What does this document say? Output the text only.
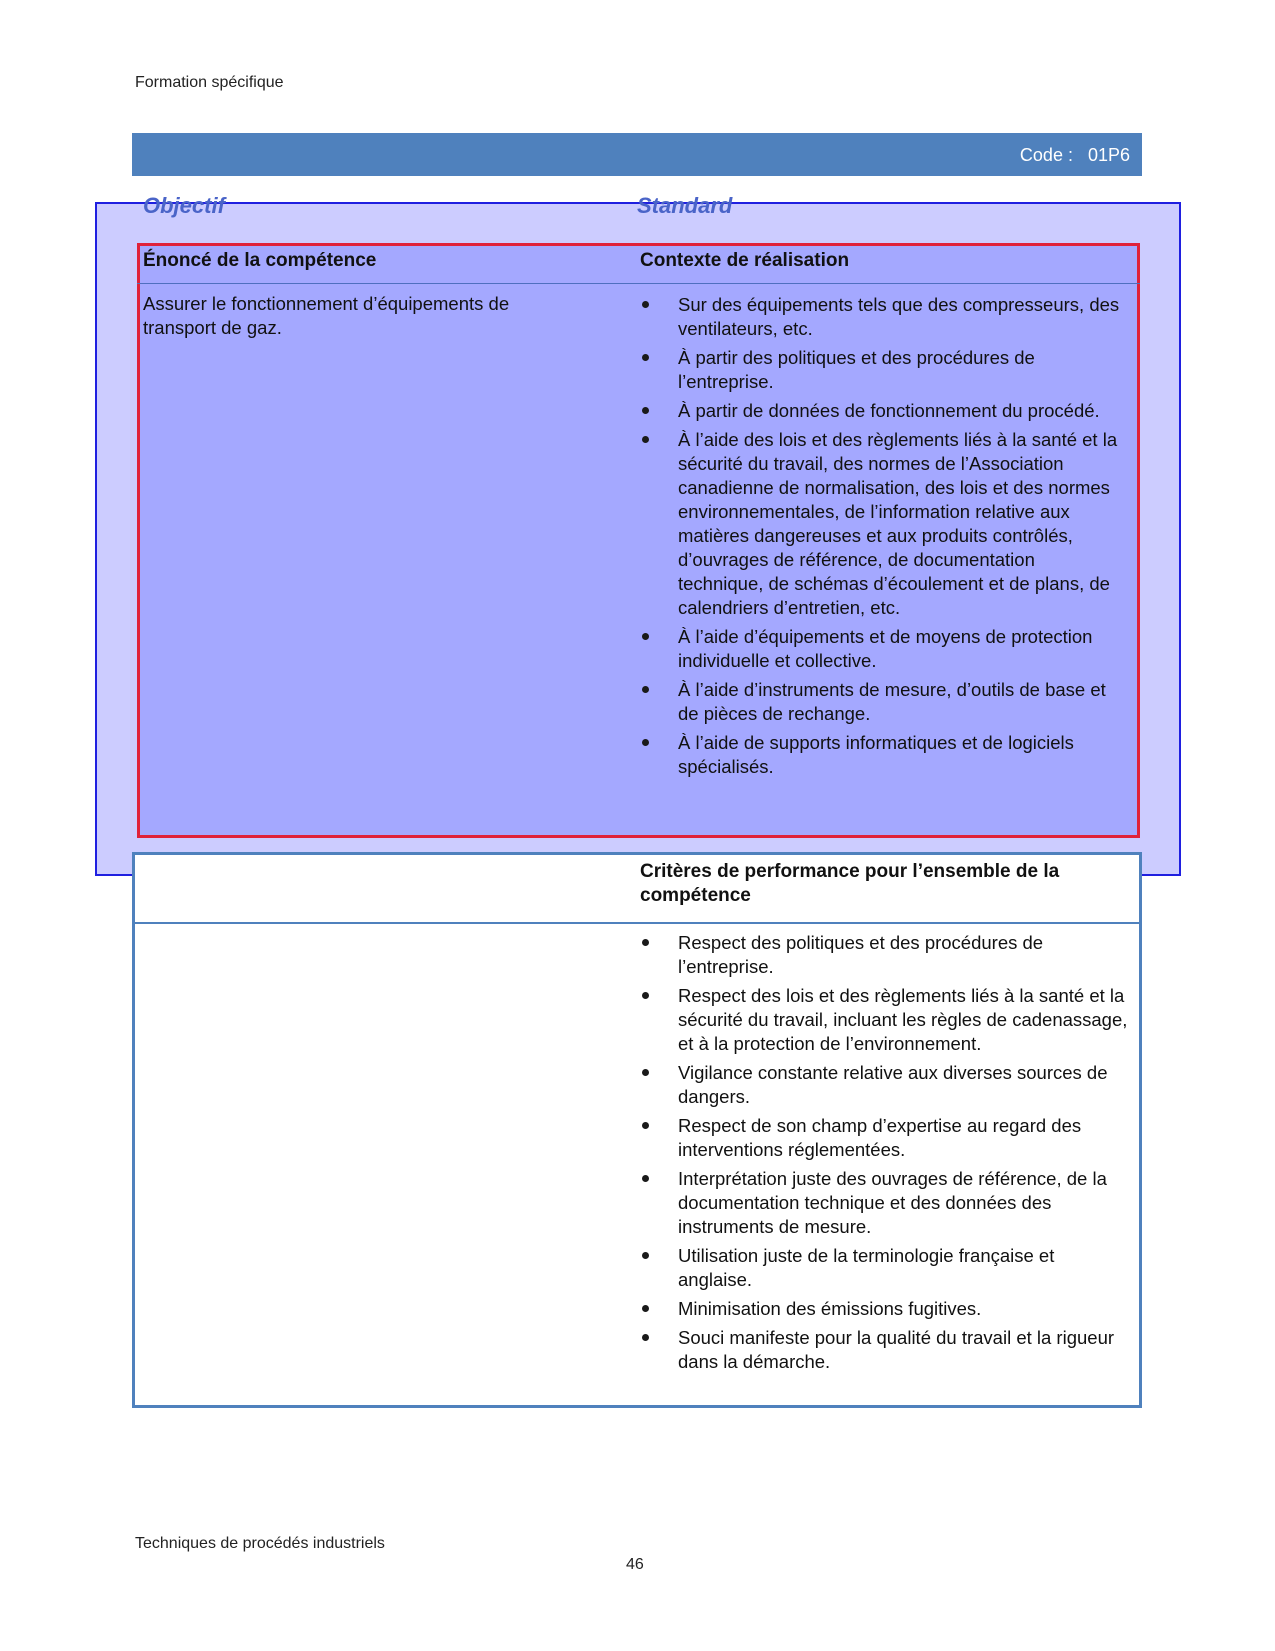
Formation spécifique
Code :   01P6
Objectif	Standard
Énoncé de la compétence	Contexte de réalisation
Assurer le fonctionnement d’équipements de transport de gaz.
Sur des équipements tels que des compresseurs, des ventilateurs, etc.
À partir des politiques et des procédures de l’entreprise.
À partir de données de fonctionnement du procédé.
À l’aide des lois et des règlements liés à la santé et la sécurité du travail, des normes de l’Association canadienne de normalisation, des lois et des normes environnementales, de l’information relative aux matières dangereuses et aux produits contrôlés, d’ouvrages de référence, de documentation technique, de schémas d’écoulement et de plans, de calendriers d’entretien, etc.
À l’aide d’équipements et de moyens de protection individuelle et collective.
À l’aide d’instruments de mesure, d’outils de base et de pièces de rechange.
À l’aide de supports informatiques et de logiciels spécialisés.
Critères de performance pour l’ensemble de la compétence
Respect des politiques et des procédures de l’entreprise.
Respect des lois et des règlements liés à la santé et la sécurité du travail, incluant les règles de cadenassage, et à la protection de l’environnement.
Vigilance constante relative aux diverses sources de dangers.
Respect de son champ d’expertise au regard des interventions réglementées.
Interprétation juste des ouvrages de référence, de la documentation technique et des données des instruments de mesure.
Utilisation juste de la terminologie française et anglaise.
Minimisation des émissions fugitives.
Souci manifeste pour la qualité du travail et la rigueur dans la démarche.
Techniques de procédés industriels
46
